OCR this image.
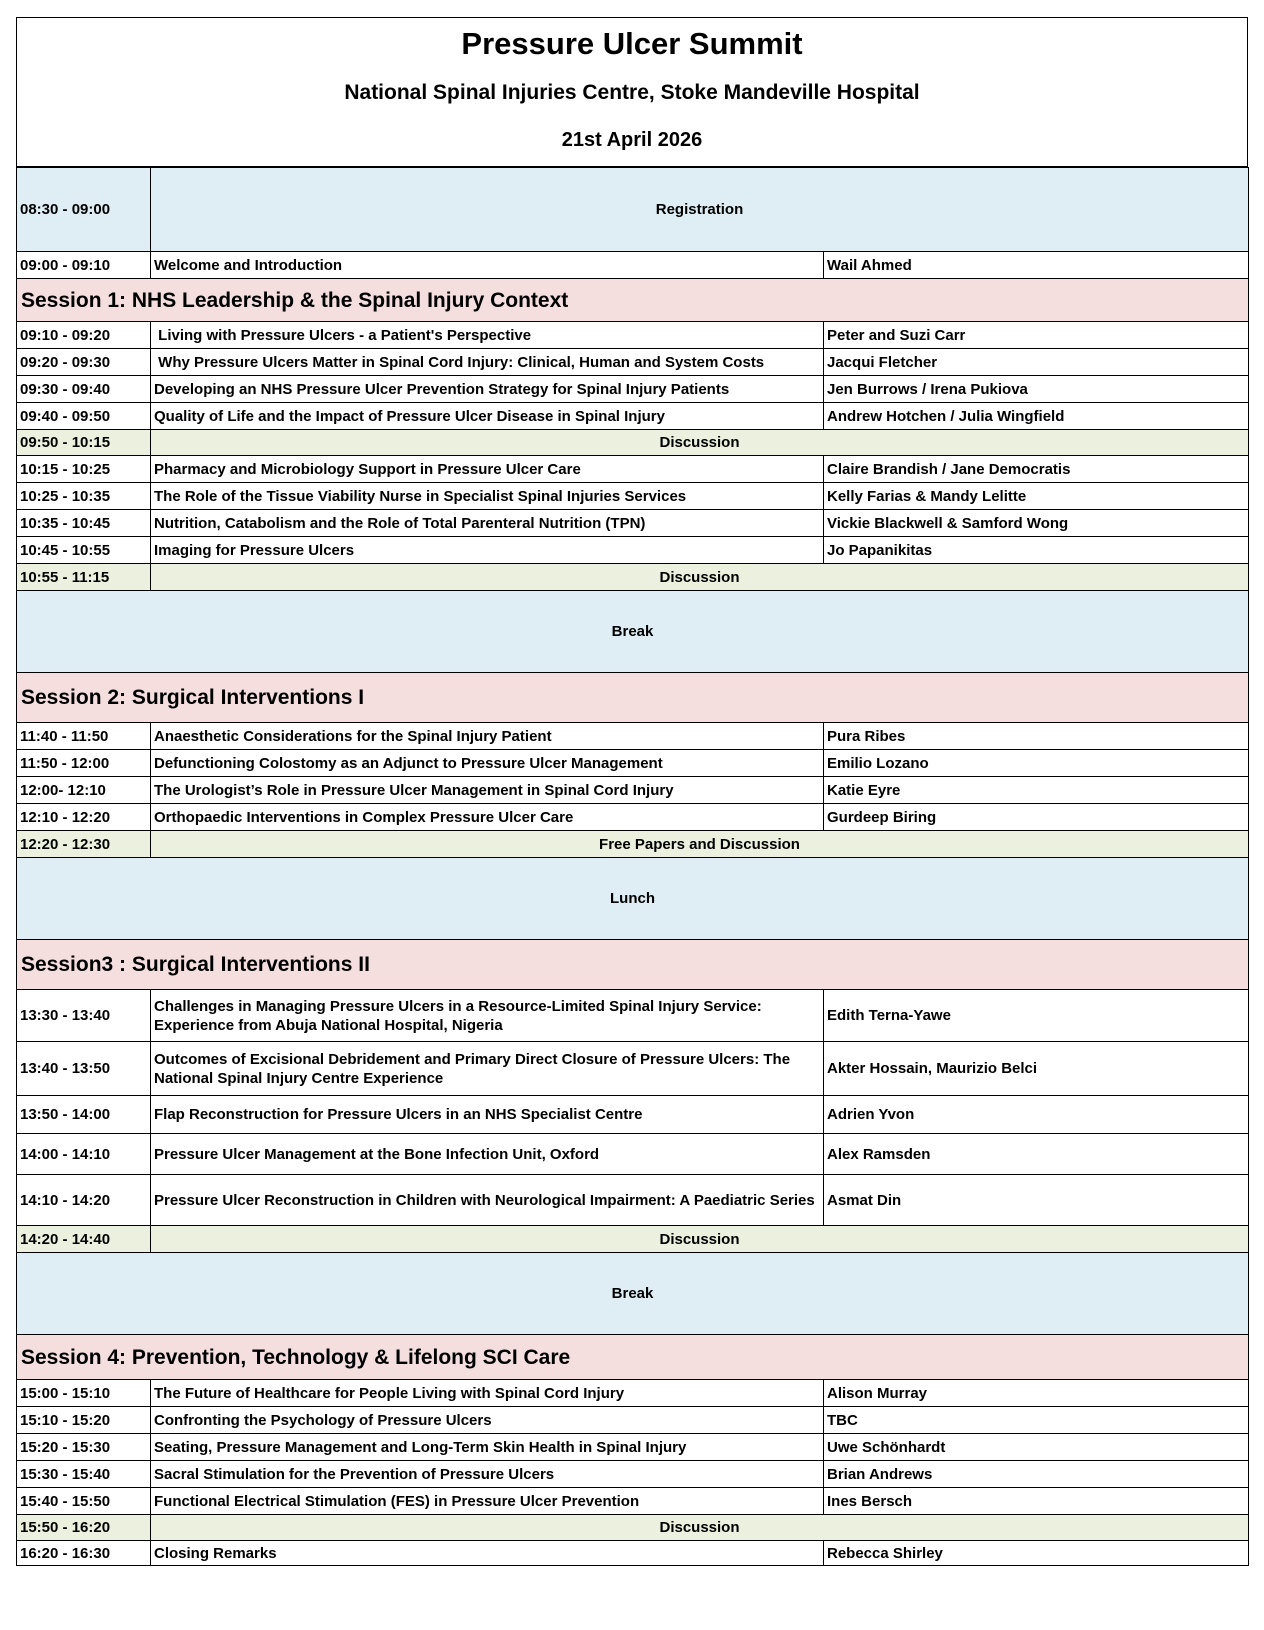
Pressure Ulcer Summit
National Spinal Injuries Centre, Stoke Mandeville Hospital
21st April 2026
08:30 - 09:00	Registration	
09:00 - 09:10	Welcome and Introduction	Wail Ahmed
Session 1: NHS Leadership & the Spinal Injury Context		
09:10 - 09:20	Living with Pressure Ulcers - a Patient's Perspective	Peter and Suzi Carr
09:20 - 09:30	Why Pressure Ulcers Matter in Spinal Cord Injury: Clinical, Human and System Costs	Jacqui Fletcher
09:30 - 09:40	Developing an NHS Pressure Ulcer Prevention Strategy for Spinal Injury Patients	Jen Burrows / Irena Pukiova
09:40 - 09:50	Quality of Life and the Impact of Pressure Ulcer Disease in Spinal Injury	Andrew Hotchen / Julia Wingfield
09:50 - 10:15	Discussion	
10:15 - 10:25	Pharmacy and Microbiology Support in Pressure Ulcer Care	Claire Brandish / Jane Democratis
10:25 - 10:35	The Role of the Tissue Viability Nurse in Specialist Spinal Injuries Services	Kelly Farias & Mandy Lelitte
10:35 - 10:45	Nutrition, Catabolism and the Role of Total Parenteral Nutrition (TPN)	Vickie Blackwell & Samford Wong
10:45 - 10:55	Imaging for Pressure Ulcers	Jo Papanikitas
10:55 - 11:15	Discussion	
Break		
Session 2: Surgical Interventions I		
11:40 - 11:50	Anaesthetic Considerations for the Spinal Injury Patient	Pura Ribes
11:50 - 12:00	Defunctioning Colostomy as an Adjunct to Pressure Ulcer Management	Emilio Lozano
12:00- 12:10	The Urologist’s Role in Pressure Ulcer Management in Spinal Cord Injury	Katie Eyre
12:10 - 12:20	Orthopaedic Interventions in Complex Pressure Ulcer Care	Gurdeep Biring
12:20 - 12:30	Free Papers and Discussion	
Lunch		
Session3 : Surgical Interventions II		
13:30 - 13:40	Challenges in Managing Pressure Ulcers in a Resource-Limited Spinal Injury Service: Experience from Abuja National Hospital, Nigeria	Edith Terna-Yawe
13:40 - 13:50	Outcomes of Excisional Debridement and Primary Direct Closure of Pressure Ulcers: The National Spinal Injury Centre Experience	Akter Hossain, Maurizio Belci
13:50 - 14:00	Flap Reconstruction for Pressure Ulcers in an NHS Specialist Centre	Adrien Yvon
14:00 - 14:10	Pressure Ulcer Management at the Bone Infection Unit, Oxford	Alex Ramsden
14:10 - 14:20	Pressure Ulcer Reconstruction in Children with Neurological Impairment: A Paediatric Series	Asmat Din
14:20 - 14:40	Discussion	
Break		
Session 4: Prevention, Technology & Lifelong SCI Care		
15:00 - 15:10	The Future of Healthcare for People Living with Spinal Cord Injury	Alison Murray
15:10 - 15:20	Confronting the Psychology of Pressure Ulcers	TBC
15:20 - 15:30	Seating, Pressure Management and Long-Term Skin Health in Spinal Injury	Uwe Schönhardt
15:30 - 15:40	Sacral Stimulation for the Prevention of Pressure Ulcers	Brian Andrews
15:40 - 15:50	Functional Electrical Stimulation (FES) in Pressure Ulcer Prevention	Ines Bersch
15:50 - 16:20	Discussion	
16:20 - 16:30	Closing Remarks	Rebecca Shirley
